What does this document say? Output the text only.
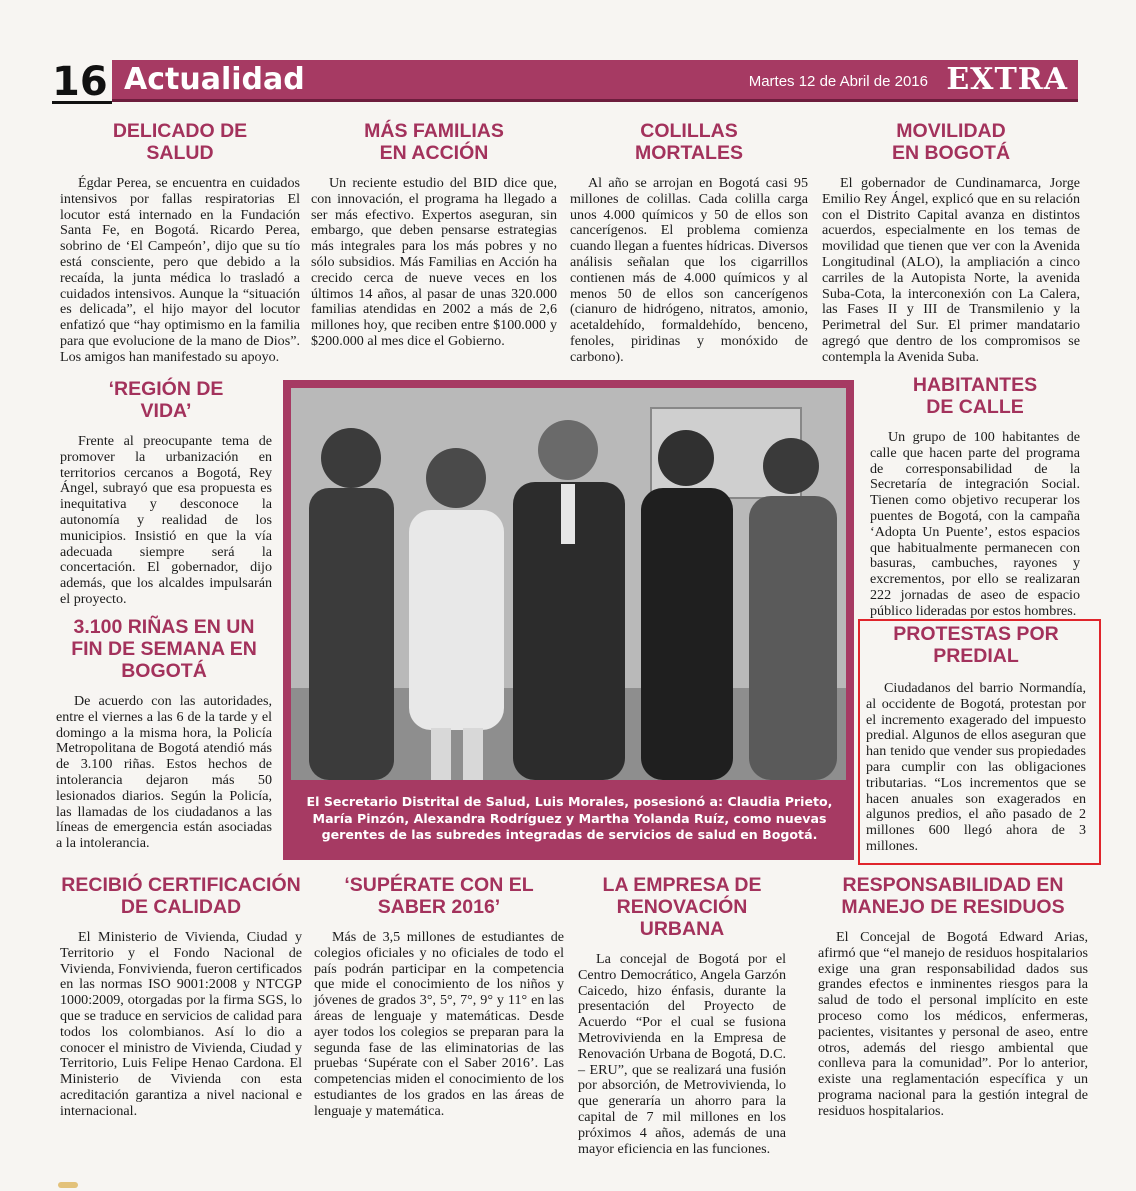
16 Actualidad	Martes 12 de Abril de 2016 EXTRA
DELICADO DE SALUD
Égdar Perea, se encuentra en cuidados intensivos por fallas respiratorias El locutor está internado en la Fundación Santa Fe, en Bogotá. Ricardo Perea, sobrino de ‘El Campeón’, dijo que su tío está consciente, pero que debido a la recaída, la junta médica lo trasladó a cuidados intensivos. Aunque la “situación es delicada”, el hijo mayor del locutor enfatizó que “hay optimismo en la familia para que evolucione de la mano de Dios”. Los amigos han manifestado su apoyo.
MÁS FAMILIAS EN ACCIÓN
Un reciente estudio del BID dice que, con innovación, el programa ha llegado a ser más efectivo. Expertos aseguran, sin embargo, que deben pensarse estrategias más integrales para los más pobres y no sólo subsidios. Más Familias en Acción ha crecido cerca de nueve veces en los últimos 14 años, al pasar de unas 320.000 familias atendidas en 2002 a más de 2,6 millones hoy, que reciben entre $100.000 y $200.000 al mes dice el Gobierno.
COLILLAS MORTALES
Al año se arrojan en Bogotá casi 95 millones de colillas. Cada colilla carga unos 4.000 químicos y 50 de ellos son cancerígenos. El problema comienza cuando llegan a fuentes hídricas. Diversos análisis señalan que los cigarrillos contienen más de 4.000 químicos y al menos 50 de ellos son cancerígenos (cianuro de hidrógeno, nitratos, amonio, acetaldehído, formaldehído, benceno, fenoles, piridinas y monóxido de carbono).
MOVILIDAD EN BOGOTÁ
El gobernador de Cundinamarca, Jorge Emilio Rey Ángel, explicó que en su relación con el Distrito Capital avanza en distintos acuerdos, especialmente en los temas de movilidad que tienen que ver con la Avenida Longitudinal (ALO), la ampliación a cinco carriles de la Autopista Norte, la avenida Suba-Cota, la interconexión con La Calera, las Fases II y III de Transmilenio y la Perimetral del Sur. El primer mandatario agregó que dentro de los compromisos se contempla la Avenida Suba.
‘REGIÓN DE VIDA’
Frente al preocupante tema de promover la urbanización en territorios cercanos a Bogotá, Rey Ángel, subrayó que esa propuesta es inequitativa y desconoce la autonomía y realidad de los municipios. Insistió en que la vía adecuada siempre será la concertación. El gobernador, dijo además, que los alcaldes impulsarán el proyecto.
3.100 RIÑAS EN UN FIN DE SEMANA EN BOGOTÁ
De acuerdo con las autoridades, entre el viernes a las 6 de la tarde y el domingo a la misma hora, la Policía Metropolitana de Bogotá atendió más de 3.100 riñas. Estos hechos de intolerancia dejaron más 50 lesionados diarios. Según la Policía, las llamadas de los ciudadanos a las líneas de emergencia están asociadas a la intolerancia.
El Secretario Distrital de Salud, Luis Morales, posesionó a: Claudia Prieto, María Pinzón, Alexandra Rodríguez y Martha Yolanda Ruíz, como nuevas gerentes de las subredes integradas de servicios de salud en Bogotá.
HABITANTES DE CALLE
Un grupo de 100 habitantes de calle que hacen parte del programa de corresponsabilidad de la Secretaría de integración Social. Tienen como objetivo recuperar los puentes de Bogotá, con la campaña ‘Adopta Un Puente’, estos espacios que habitualmente permanecen con basuras, cambuches, rayones y excrementos, por ello se realizaran 222 jornadas de aseo de espacio público lideradas por estos hombres.
PROTESTAS POR PREDIAL
Ciudadanos del barrio Normandía, al occidente de Bogotá, protestan por el incremento exagerado del impuesto predial. Algunos de ellos aseguran que han tenido que vender sus propiedades para cumplir con las obligaciones tributarias. “Los incrementos que se hacen anuales son exagerados en algunos predios, el año pasado de 2 millones 600 llegó ahora de 3 millones.
RECIBIÓ CERTIFICACIÓN DE CALIDAD
El Ministerio de Vivienda, Ciudad y Territorio y el Fondo Nacional de Vivienda, Fonvivienda, fueron certificados en las normas ISO 9001:2008 y NTCGP 1000:2009, otorgadas por la firma SGS, lo que se traduce en servicios de calidad para todos los colombianos. Así lo dio a conocer el ministro de Vivienda, Ciudad y Territorio, Luis Felipe Henao Cardona. El Ministerio de Vivienda con esta acreditación garantiza a nivel nacional e internacional.
‘SUPÉRATE CON EL SABER 2016’
Más de 3,5 millones de estudiantes de colegios oficiales y no oficiales de todo el país podrán participar en la competencia que mide el conocimiento de los niños y jóvenes de grados 3°, 5°, 7°, 9° y 11° en las áreas de lenguaje y matemáticas. Desde ayer todos los colegios se preparan para la segunda fase de las eliminatorias de las pruebas ‘Supérate con el Saber 2016’. Las competencias miden el conocimiento de los estudiantes de los grados en las áreas de lenguaje y matemática.
LA EMPRESA DE RENOVACIÓN URBANA
La concejal de Bogotá por el Centro Democrático, Angela Garzón Caicedo, hizo énfasis, durante la presentación del Proyecto de Acuerdo “Por el cual se fusiona Metrovivienda en la Empresa de Renovación Urbana de Bogotá, D.C. – ERU”, que se realizará una fusión por absorción, de Metrovivienda, lo que generaría un ahorro para la capital de 7 mil millones en los próximos 4 años, además de una mayor eficiencia en las funciones.
RESPONSABILIDAD EN MANEJO DE RESIDUOS
El Concejal de Bogotá Edward Arias, afirmó que “el manejo de residuos hospitalarios exige una gran responsabilidad dados sus grandes efectos e inminentes riesgos para la salud de todo el personal implícito en este proceso como los médicos, enfermeras, pacientes, visitantes y personal de aseo, entre otros, además del riesgo ambiental que conlleva para la comunidad”. Por lo anterior, existe una reglamentación específica y un programa nacional para la gestión integral de residuos hospitalarios.
